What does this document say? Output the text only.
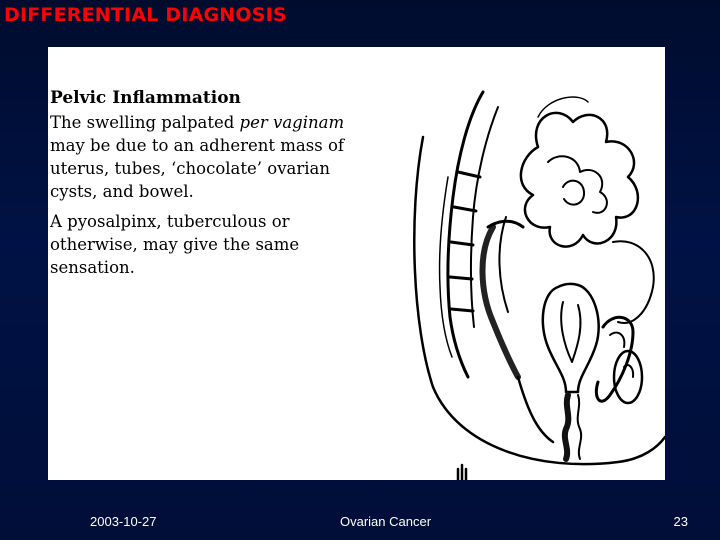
DIFFERENTIAL DIAGNOSIS

Pelvic Inflammation

The swelling palpated per vaginam may be due to an adherent mass of uterus, tubes, ‘chocolate’ ovarian cysts, and bowel.

A pyosalpinx, tuberculous or otherwise, may give the same sensation.

2003-10-27	Ovarian Cancer	23
